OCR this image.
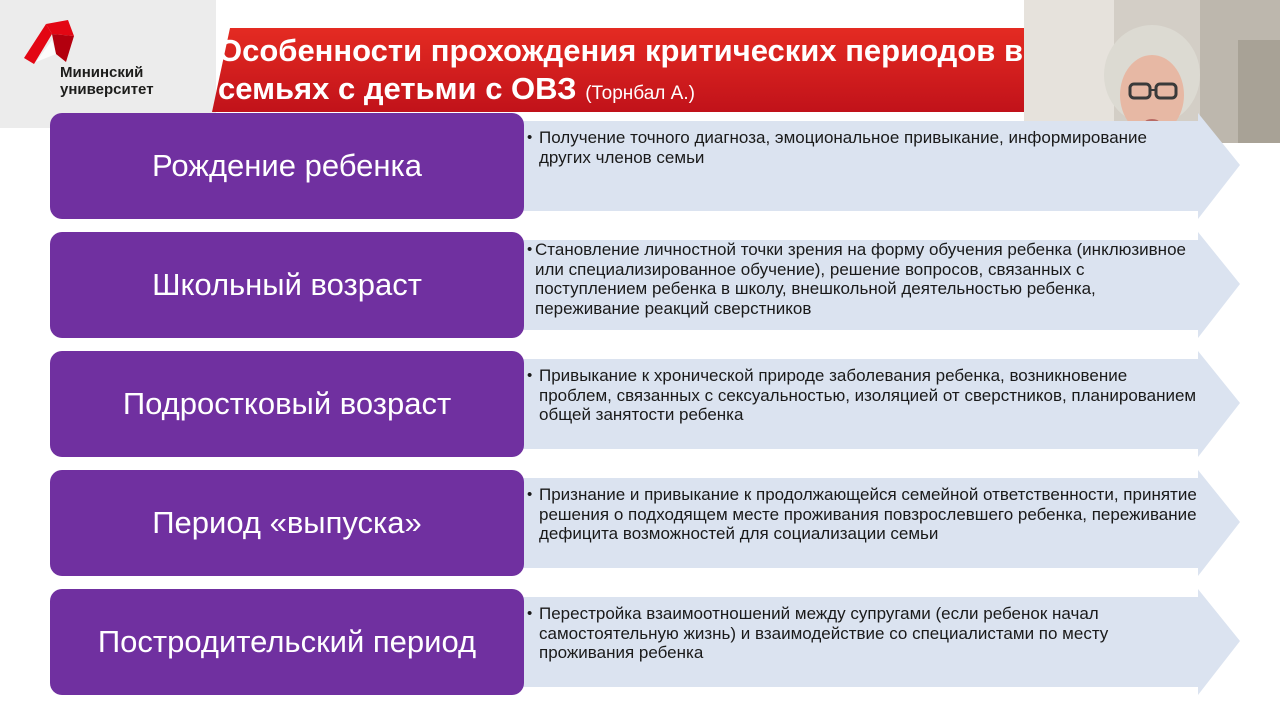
Мининский
университет
Особенности прохождения критических периодов в
семьях с детьми с ОВЗ (Торнбал А.)
Рождение ребенка
• Получение точного диагноза, эмоциональное привыкание, информирование других членов семьи
Школьный возраст
• Становление личностной точки зрения на форму обучения ребенка (инклюзивное или специализированное обучение), решение вопросов, связанных с поступлением ребенка в школу, внешкольной деятельностью ребенка, переживание реакций сверстников
Подростковый возраст
• Привыкание к хронической природе заболевания ребенка, возникновение проблем, связанных с сексуальностью, изоляцией от сверстников, планированием общей занятости ребенка
Период «выпуска»
• Признание и привыкание к продолжающейся семейной ответственности, принятие решения о подходящем месте проживания повзрослевшего ребенка, переживание дефицита возможностей для социализации семьи
Постродительский период
• Перестройка взаимоотношений между супругами (если ребенок начал самостоятельную жизнь) и взаимодействие со специалистами по месту проживания ребенка
